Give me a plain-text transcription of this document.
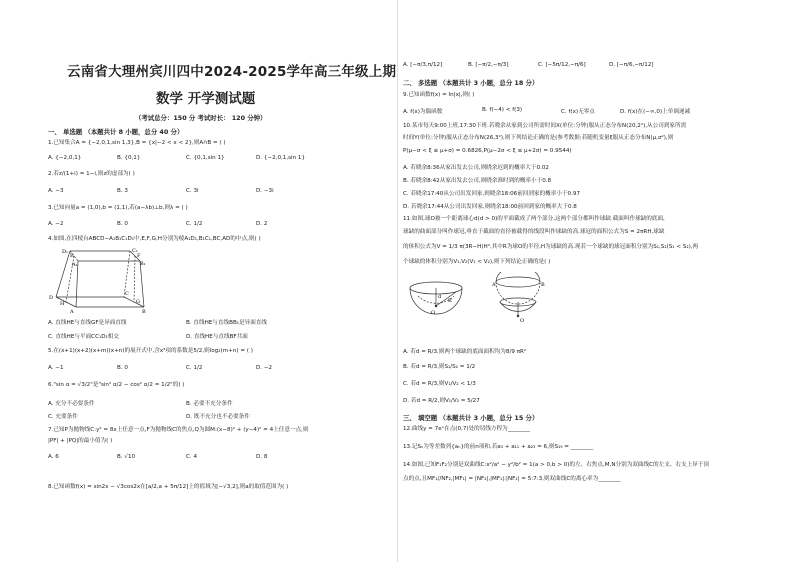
云南省大理州宾川四中2024-2025学年高三年级上期
数学 开学测试题
（考试总分：150 分 考试时长： 120 分钟）
一、 单选题 （本题共计 8 小题，总分 40 分）
1.已知集合A = {−2,0,1,sin 1,3},B = {x|−2 < x < 2},则A∩B = ( )
A. {−2,0,1}	B. {0,1}	C. {0,1,sin 1}	D. {−2,0,1,sin 1}
2.若z/(1+i) = 1−i,则z的虚部为( )
A. −3	B. 3	C. 3i	D. −3i
3.已知向量a = (1,0),b = (1,1),若(a−λb)⊥b,则λ = ( )
A. −2	B. 0	C. 1/2	D. 2
4.如图,在四棱台ABCD−A₁B₁C₁D₁中,E,F,G,H分别为棱A₁D₁,B₁C₁,BC,AD的中点,则( )
D₁	C₁
A₁	B₁
D
C
A	B
E	F
G
H
A. 直线HE与直线GF是异面直线	B. 直线HE与直线BB₁是异面直线
C. 直线HE与平面CC₁D₁相交	D. 直线HE与直线BF共面
5.在(x+1)(x+2)(x+m)(x+n)的展开式中,含x³项的系数是5/2,则log₂(m+n) = ( )
A. −1	B. 0	C. 1/2	D. −2
6."sin α = √3/2"是"sin² α/2 − cos² α/2 = 1/2"的( )
A. 充分不必要条件	B. 必要不充分条件
C. 充要条件	D. 既不充分也不必要条件
7.已知P为抛物线C:y² = 8x上任意一点,F为抛物线C的焦点,Q为圆M:(x−8)² + (y−4)² = 4上任意一点,则
|PF| + |PQ|的最小值为( )
A. 6	B. √10	C. 4	D. 8
8.已知函数f(x) = sin2x − √3cos2x在[a/2,a + 5π/12]上的值域为[−√3,2],则a的取值范围为( )
A. [−π/3,π/12]	B. [−π/2,−π/3]	C. [−5π/12,−π/6]	D. [−π/6,−π/12]
二、 多选题 （本题共计 3 小题，总分 18 分）
9.已知函数f(x) = ln|x|,则( )
A. f(x)为偶函数	B. f(−4) < f(3)	C. f(x)无零点	D. f(x)在(−∞,0)上单调递减
10.某市每天9:00上班,17:30下班.若晓余从家到公司所需时间X(单位:分钟)服从正态分布N(20,2²),从公司到家所需
时间Y(单位:分钟)服从正态分布N(26,3²),则下列结论正确的是(参考数据:若随机变量ξ服从正态分布N(μ,σ²),则
P(μ−σ < ξ ≤ μ+σ) = 0.6826,P(μ−2σ < ξ ≤ μ+2σ) = 0.9544)
A. 若晓余8:36从家出发去公司,则晓余迟到的概率大于0.02
B. 若晓余8:42从家出发去公司,则晓余准时到的概率小于0.8
C. 若晓余17:40从公司出发回家,则晓余18:06前回到家的概率小于0.97
D. 若晓余17:44从公司出发回家,则晓余18:00前回到家的概率大于0.8
11.如图,球O被一个距离球心d(d > 0)的平面截成了两个部分,这两个部分都叫作球缺.截面叫作球缺的底面,
球缺的曲面部分叫作球冠,垂直于截面的直径被截得的线段叫作球缺的高.球冠的面积公式为S = 2πRH,球缺
的体积公式为V = 1/3 π(3R−H)H²,其中R为球O的半径,H为球缺的高.现若一个球缺的球冠面积分别为S₁,S₂(S₁ < S₂),两
个球缺的体积分别为V₁,V₂(V₁ < V₂),则下列结论正确的是( )
O
R
d
O
A	B
A. 若d = R/3,则两个球缺的底面面积均为8/9 πR²
B. 若d = R/3,则S₁/S₂ = 1/2
C. 若d = R/3,则V₁/V₂ < 1/3
D. 若d = R/2,则V₁/V₂ = 5/27
三、 填空题 （本题共计 3 小题，总分 15 分）
12.曲线y = 7eˣ在点(0,7)处的切线方程为________
13.记Sₙ为等差数列{aₙ}的前n项和,若a₃ + a₁₁ + a₂₃ = 6,则S₁₉ = ________
14.如图,已知F₁F₂分别是双曲线C:x²/a² − y²/b² = 1(a > 0,b > 0)的左、右焦点,M,N分别为双曲线C的左支、右支上异于顶
点的点,且MF₁//NF₂,|MF₁| = |NF₂|,|MF₁|:|NF₂| = 5:7:3,则双曲线C的离心率为________
